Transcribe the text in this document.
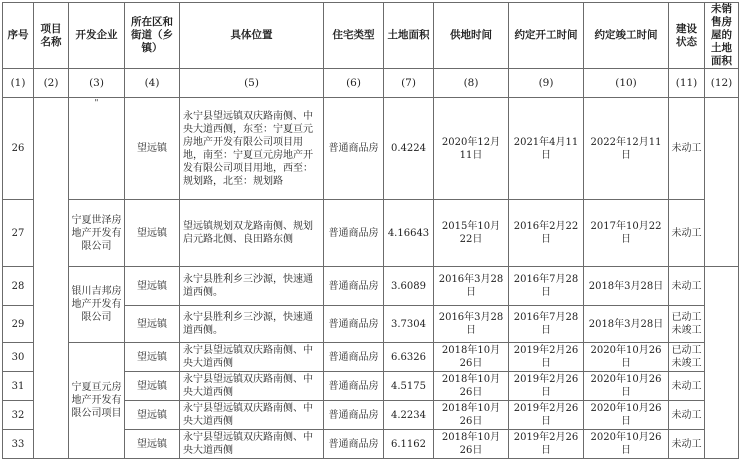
序号	项目名称	开发企业	所在区和街道（乡镇）	具体位置	住宅类型	土地面积	供地时间	约定开工时间	约定竣工时间	建设状态	未销售房屋的土地面积
(1)	(2)	(3)	(4)	(5)	(6)	(7)	(8)	(9)	(10)	(11)	(12)
26		"	望远镇	永宁县望远镇双庆路南侧、中央大道西侧，东至：宁夏亘元房地产开发有限公司项目用地，南至：宁夏亘元房地产开发有限公司项目用地，西至：规划路，北至：规划路	普通商品房	0.4224	2020年12月11日	2021年4月11日	2022年12月11日	未动工	
27		宁夏世泽房地产开发有限公司	望远镇	望远镇规划双龙路南侧、规划启元路北侧、良田路东侧	普通商品房	4.16643	2015年10月22日	2016年2月22日	2017年10月22日	未动工	
28		银川吉邦房地产开发有限公司	望远镇	永宁县胜利乡三沙源，快速通道西侧。	普通商品房	3.6089	2016年3月28日	2016年7月28日	2018年3月28日	未动工	
29			望远镇	永宁县胜利乡三沙源，快速通道西侧。	普通商品房	3.7304	2016年3月28日	2016年7月28日	2018年3月28日	已动工未竣工	
30		宁夏亘元房地产开发有限公司项目	望远镇	永宁县望远镇双庆路南侧、中央大道西侧	普通商品房	6.6326	2018年10月26日	2019年2月26日	2020年10月26日	已动工未竣工	
31			望远镇	永宁县望远镇双庆路南侧、中央大道西侧	普通商品房	4.5175	2018年10月26日	2019年2月26日	2020年10月26日	未动工	
32			望远镇	永宁县望远镇双庆路南侧、中央大道西侧	普通商品房	4.2234	2018年10月26日	2019年2月26日	2020年10月26日	未动工	
33			望远镇	永宁县望远镇双庆路南侧、中央大道西侧	普通商品房	6.1162	2018年10月26日	2019年2月26日	2020年10月26日	未动工	
